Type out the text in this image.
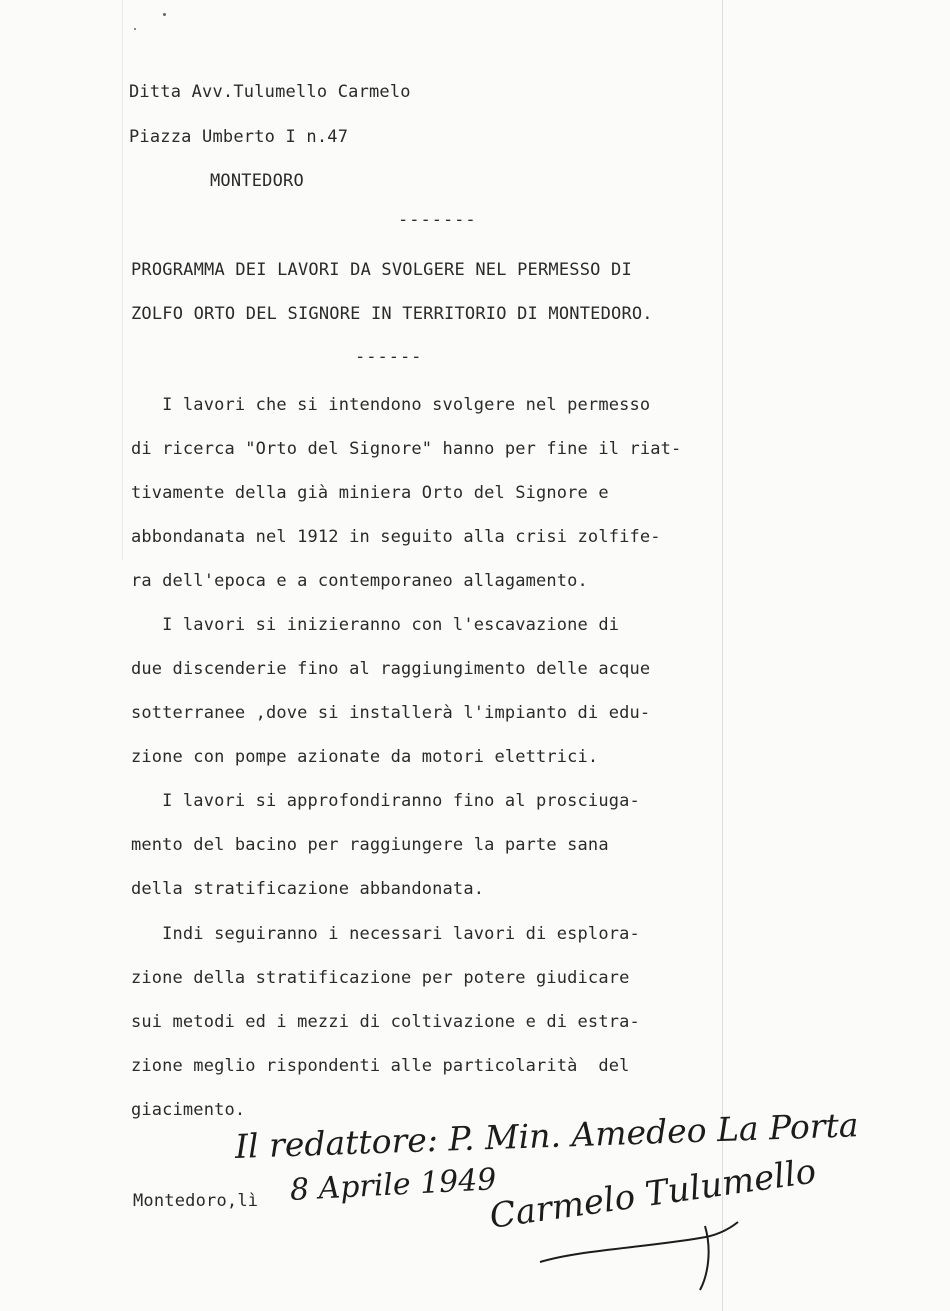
Ditta Avv.Tulumello Carmelo
Piazza Umberto I n.47
MONTEDORO
-------
PROGRAMMA DEI LAVORI DA SVOLGERE NEL PERMESSO DI
ZOLFO ORTO DEL SIGNORE IN TERRITORIO DI MONTEDORO.
------
I lavori che si intendono svolgere nel permesso
di ricerca "Orto del Signore" hanno per fine il riat-
tivamente della già miniera Orto del Signore e
abbondanata nel 1912 in seguito alla crisi zolfife-
ra dell'epoca e a contemporaneo allagamento.
I lavori si inizieranno con l'escavazione di
due discenderie fino al raggiungimento delle acque
sotterranee ,dove si installerà l'impianto di edu-
zione con pompe azionate da motori elettrici.
I lavori si approfondiranno fino al prosciuga-
mento del bacino per raggiungere la parte sana
della stratificazione abbandonata.
Indi seguiranno i necessari lavori di esplora-
zione della stratificazione per potere giudicare
sui metodi ed i mezzi di coltivazione e di estra-
zione meglio rispondenti alle particolarità  del
giacimento.
Il redattore: P. Min. Amedeo La Porta
Montedoro,lì 8 Aprile 1949
Carmelo Tulumello
